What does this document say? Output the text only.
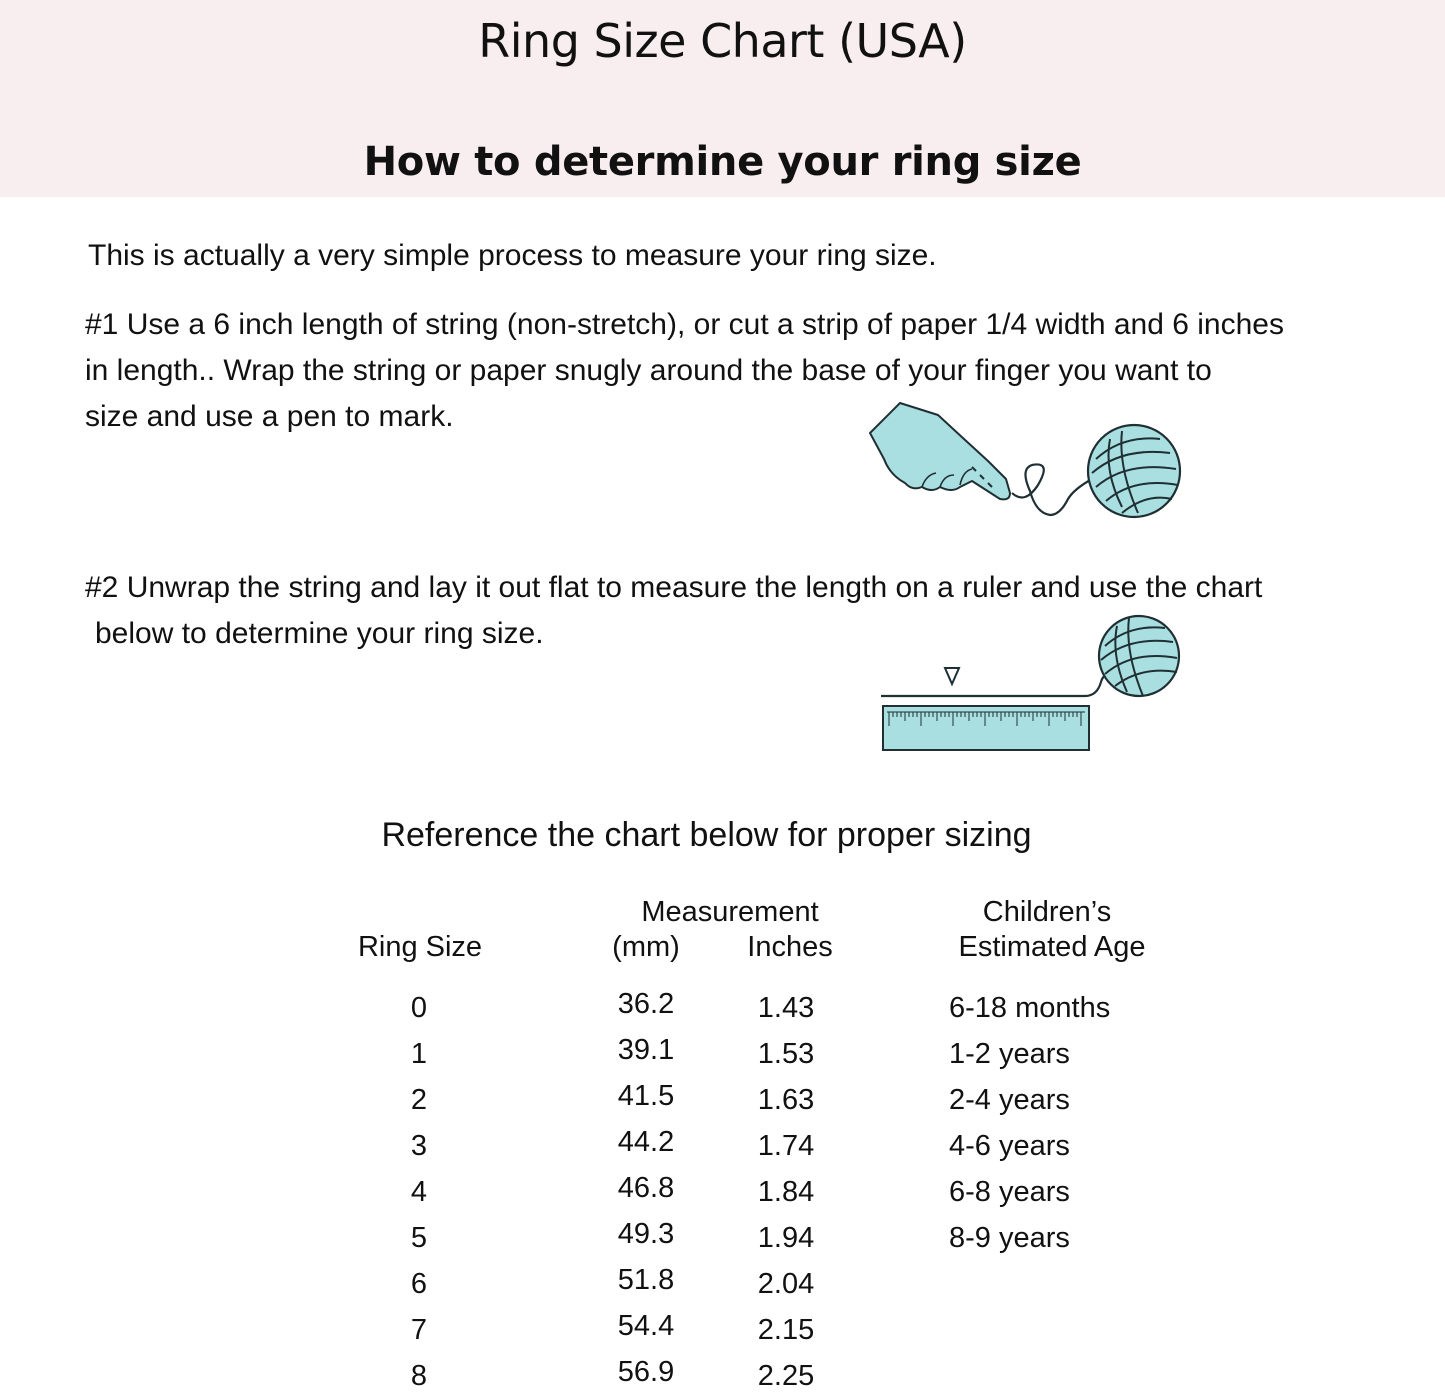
Ring Size Chart (USA)
How to determine your ring size

This is actually a very simple process to measure your ring size.

#1 Use a 6 inch length of string (non-stretch), or cut a strip of paper 1/4 width and 6 inches
in length.. Wrap the string or paper snugly around the base of your finger you want to
size and use a pen to mark.
#2 Unwrap the string and lay it out flat to measure the length on a ruler and use the chart
below to determine your ring size.

Reference the chart below for proper sizing

Ring Size
Measurement
(mm)	Inches
Children’s
Estimated Age
0	36.2	1.43	6-18 months
1	39.1	1.53	1-2 years
2	41.5	1.63	2-4 years
3	44.2	1.74	4-6 years
4	46.8	1.84	6-8 years
5	49.3	1.94	8-9 years
6	51.8	2.04
7	54.4	2.15
8	56.9	2.25
